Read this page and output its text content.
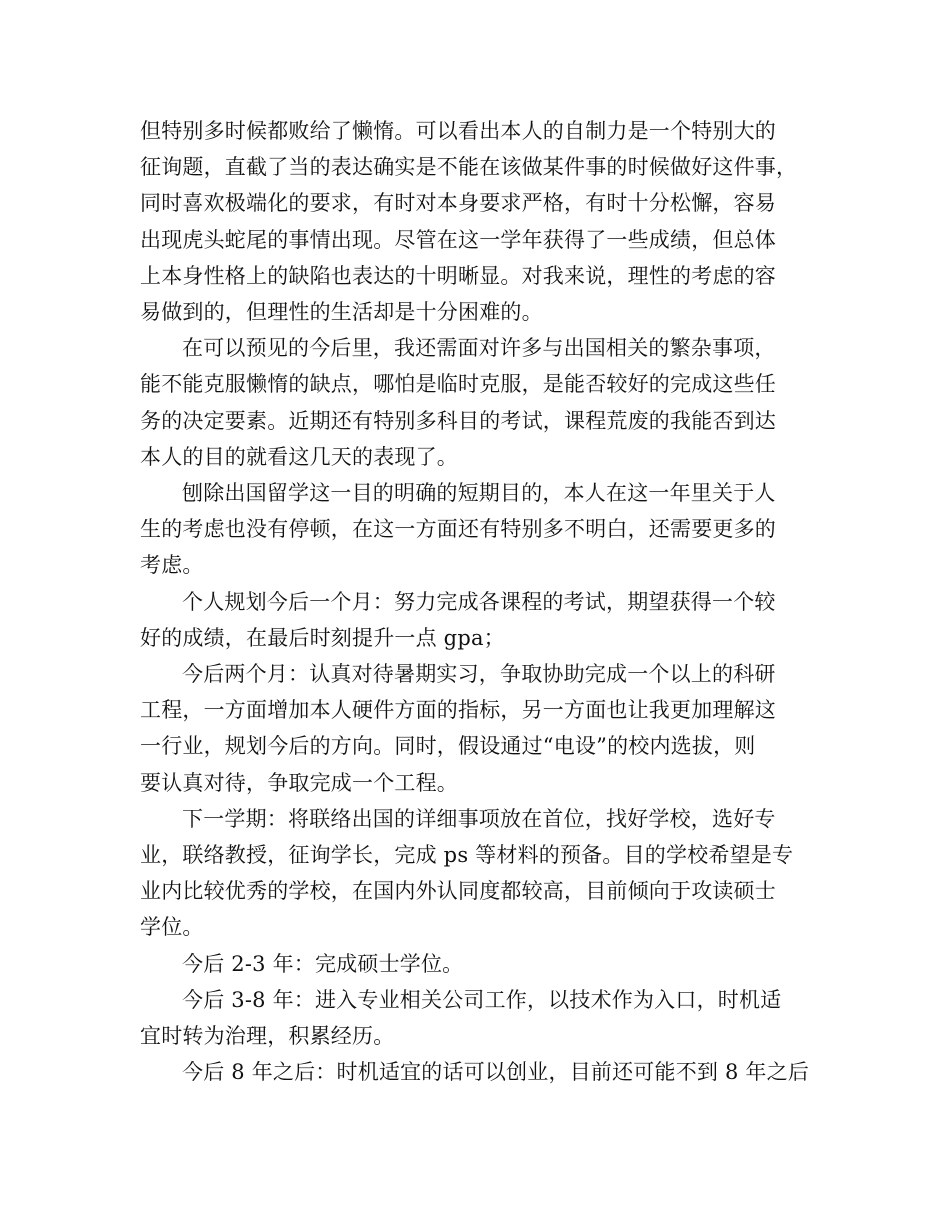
但特别多时候都败给了懒惰。可以看出本人的自制力是一个特别大的
征询题，直截了当的表达确实是不能在该做某件事的时候做好这件事，
同时喜欢极端化的要求，有时对本身要求严格，有时十分松懈，容易
出现虎头蛇尾的事情出现。尽管在这一学年获得了一些成绩，但总体
上本身性格上的缺陷也表达的十明晰显。对我来说，理性的考虑的容
易做到的，但理性的生活却是十分困难的。

在可以预见的今后里，我还需面对许多与出国相关的繁杂事项，
能不能克服懒惰的缺点，哪怕是临时克服，是能否较好的完成这些任
务的决定要素。近期还有特别多科目的考试，课程荒废的我能否到达
本人的目的就看这几天的表现了。

刨除出国留学这一目的明确的短期目的，本人在这一年里关于人
生的考虑也没有停顿，在这一方面还有特别多不明白，还需要更多的
考虑。

个人规划今后一个月：努力完成各课程的考试，期望获得一个较
好的成绩，在最后时刻提升一点 gpa；

今后两个月：认真对待暑期实习，争取协助完成一个以上的科研
工程，一方面增加本人硬件方面的指标，另一方面也让我更加理解这
一行业，规划今后的方向。同时，假设通过“电设”的校内选拔，则
要认真对待，争取完成一个工程。

下一学期：将联络出国的详细事项放在首位，找好学校，选好专
业，联络教授，征询学长，完成 ps 等材料的预备。目的学校希望是专
业内比较优秀的学校，在国内外认同度都较高，目前倾向于攻读硕士
学位。

今后 2-3 年：完成硕士学位。

今后 3-8 年：进入专业相关公司工作，以技术作为入口，时机适
宜时转为治理，积累经历。

今后 8 年之后：时机适宜的话可以创业，目前还可能不到 8 年之后
